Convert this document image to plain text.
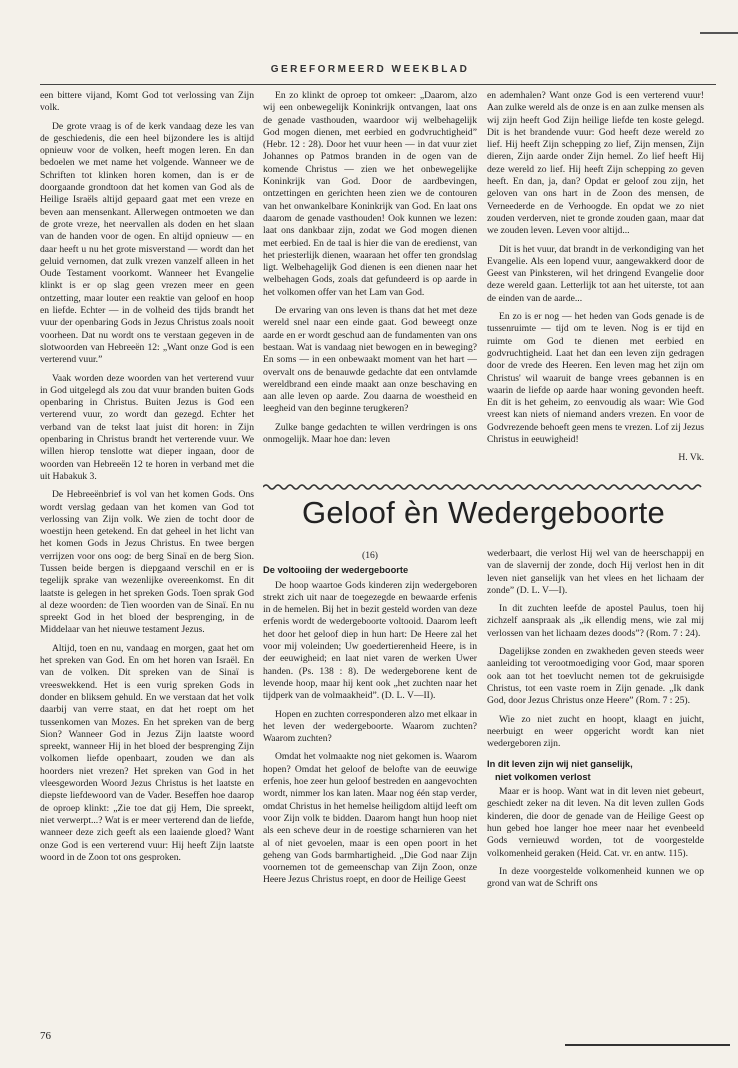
GEREFORMEERD WEEKBLAD

een bittere vijand, Komt God tot verlossing van Zijn volk.

De grote vraag is of de kerk vandaag deze les van de geschiedenis, die een heel bijzondere les is altijd opnieuw voor de volken, heeft mogen leren. En dan bedoelen we met name het volgende. Wanneer we de Schriften tot klinken horen komen, dan is er de doorgaande grondtoon dat het komen van God als de Heilige Israëls altijd gepaard gaat met een vreze en beven aan mensenkant. Allerwegen ontmoeten we dan de grote vreze, het neervallen als doden en het slaan van de handen voor de ogen. En altijd opnieuw — en daar heeft u nu het grote misverstand — wordt dan het geluid vernomen, dat zulk vrezen vanzelf alleen in het Oude Testament voorkomt. Wanneer het Evangelie klinkt is er op slag geen vrezen meer en geen ontzetting, maar louter een reaktie van geloof en hoop en liefde. Echter — in de volheid des tijds brandt het vuur der openbaring Gods in Jezus Christus zoals nooit voorheen. Dat nu wordt ons te verstaan gegeven in de slotwoorden van Hebreeën 12: „Want onze God is een verterend vuur.”

Vaak worden deze woorden van het verterend vuur in God uitgelegd als zou dat vuur branden buiten Gods openbaring in Christus. Buiten Jezus is God een verterend vuur, zo wordt dan gezegd. Echter het verband van de tekst laat juist dit horen: in Zijn openbaring in Christus brandt het verterende vuur. We willen hierop tenslotte wat dieper ingaan, door de woorden van Hebreeën 12 te horen in verband met die uit Habakuk 3.

De Hebreeënbrief is vol van het komen Gods. Ons wordt verslag gedaan van het komen van God tot verlossing van Zijn volk. We zien de tocht door de woestijn heen getekend. En dat geheel in het licht van het komen Gods in Jezus Christus. En twee bergen verrijzen voor ons oog: de berg Sinaï en de berg Sion. Tussen beide bergen is diepgaand verschil en er is tegelijk sprake van wezenlijke overeenkomst. En dit laatste is gelegen in het spreken Gods. Toen sprak God al deze woorden: de Tien woorden van de Sinaï. En nu spreekt God in het bloed der besprenging, in de Middelaar van het nieuwe testament Jezus.

Altijd, toen en nu, vandaag en morgen, gaat het om het spreken van God. En om het horen van Israël. En van de volken. Dit spreken van de Sinaï is vreeswekkend. Het is een vurig spreken Gods in donder en bliksem gehuld. En we verstaan dat het volk daarbij van verre staat, en dat het roept om het tussenkomen van Mozes. En het spreken van de berg Sion? Wanneer God in Jezus Zijn laatste woord spreekt, wanneer Hij in het bloed der besprenging Zijn volkomen liefde openbaart, zouden we dan als hoorders niet vrezen? Het spreken van God in het vleesgeworden Woord Jezus Christus is het laatste en diepste liefdewoord van de Vader. Beseffen hoe daarop de oproep klinkt: „Zie toe dat gij Hem, Die spreekt, niet verwerpt...? Wat is er meer verterend dan de liefde, wanneer deze zich geeft als een laaiende gloed? Want onze God is een verterend vuur: Hij heeft Zijn laatste woord in de Zoon tot ons gesproken.

En zo klinkt de oproep tot omkeer: „Daarom, alzo wij een onbewegelijk Koninkrijk ontvangen, laat ons de genade vasthouden, waardoor wij welbehagelijk God mogen dienen, met eerbied en godvruchtigheid” (Hebr. 12 : 28). Door het vuur heen — in dat vuur ziet Johannes op Patmos branden in de ogen van de komende Christus — zien we het onbewegelijke Koninkrijk van God. Door de aardbevingen, ontzettingen en gerichten heen zien we de contouren van het onwankelbare Koninkrijk van God. En laat ons daarom de genade vasthouden! Ook kunnen we lezen: laat ons dankbaar zijn, zodat we God mogen dienen met eerbied. En de taal is hier die van de eredienst, van het priesterlijk dienen, waaraan het offer ten grondslag ligt. Welbehagelijk God dienen is een dienen naar het welbehagen Gods, zoals dat gefundeerd is op aarde in het volkomen offer van het Lam van God.

De ervaring van ons leven is thans dat het met deze wereld snel naar een einde gaat. God beweegt onze aarde en er wordt geschud aan de fundamenten van ons bestaan. Wat is vandaag niet bewogen en in beweging? En soms — in een onbewaakt moment van het hart — overvalt ons de benauwde gedachte dat een ontvlamde wereldbrand een einde maakt aan onze beschaving en aan alle leven op aarde. Zou daarna de woestheid en leegheid van den beginne terugkeren?

Zulke bange gedachten te willen verdringen is ons onmogelijk. Maar hoe dan: leven

en ademhalen? Want onze God is een verterend vuur! Aan zulke wereld als de onze is en aan zulke mensen als wij zijn heeft God Zijn heilige liefde ten koste gelegd. Dit is het brandende vuur: God heeft deze wereld zo lief. Hij heeft Zijn schepping zo lief, Zijn mensen, Zijn dieren, Zijn aarde onder Zijn hemel. Zo lief heeft Hij deze wereld zo lief. Hij heeft Zijn schepping zo geven heeft. En dan, ja, dan? Opdat er geloof zou zijn, het geloven van ons hart in de Zoon des mensen, de Verneederde en de Verhoogde. En opdat we zo niet zouden verderven, niet te gronde zouden gaan, maar dat we zouden leven. Leven voor altijd...

Dit is het vuur, dat brandt in de verkondiging van het Evangelie. Als een lopend vuur, aangewakkerd door de Geest van Pinksteren, wil het dringend Evangelie door deze wereld gaan. Letterlijk tot aan het uiterste, tot aan de einden van de aarde...

En zo is er nog — het heden van Gods genade is de tussenruimte — tijd om te leven. Nog is er tijd en ruimte om God te dienen met eerbied en godvruchtigheid. Laat het dan een leven zijn gedragen door de vrede des Heeren. Een leven mag het zijn om Christus' wil waaruit de bange vrees gebannen is en waarin de liefde op aarde haar woning gevonden heeft. En dit is het geheim, zo eenvoudig als waar: Wie God vreest kan niets of niemand anders vrezen. En voor de Godvrezende behoeft geen mens te vrezen. Lof zij Jezus Christus in eeuwigheid!

H. Vk.

Geloof èn Wedergeboorte

(16)

De voltooiing der wedergeboorte

De hoop waartoe Gods kinderen zijn wedergeboren strekt zich uit naar de toegezegde en bewaarde erfenis in de hemelen. Bij het in bezit gesteld worden van deze erfenis wordt de wedergeboorte voltooid. Daarom leeft het door het geloof diep in hun hart: De Heere zal het voor mij voleinden; Uw goedertierenheid Heere, is in der eeuwigheid; en laat niet varen de werken Uwer handen. (Ps. 138 : 8). De wedergeborene kent de levende hoop, maar hij kent ook „het zuchten naar het tijdperk van de volmaakheid”. (D. L. V—II).

Hopen en zuchten corresponderen alzo met elkaar in het leven der wedergeboorte. Waarom zuchten? Waarom zuchten?

Omdat het volmaakte nog niet gekomen is. Waarom hopen? Omdat het geloof de belofte van de eeuwige erfenis, hoe zeer hun geloof bestreden en aangevochten wordt, nimmer los kan laten. Maar nog één stap verder, omdat Christus in het hemelse heiligdom altijd leeft om voor Zijn volk te bidden. Daarom hangt hun hoop niet als een scheve deur in de roestige scharnieren van het al of niet gevoelen, maar is een open poort in het geheng van Gods barmhartigheid. „Die God naar Zijn voornemen tot de gemeenschap van Zijn Zoon, onze Heere Jezus Christus roept, en door de Heilige Geest

wederbaart, die verlost Hij wel van de heerschappij en van de slavernij der zonde, doch Hij verlost hen in dit leven niet ganselijk van het vlees en het lichaam der zonde” (D. L. V—I).

In dit zuchten leefde de apostel Paulus, toen hij zichzelf aanspraak als „ik ellendig mens, wie zal mij verlossen van het lichaam dezes doods”? (Rom. 7 : 24).

Dagelijkse zonden en zwakheden geven steeds weer aanleiding tot verootmoediging voor God, maar sporen ook aan tot het toevlucht nemen tot de gekruisigde Christus, tot een vaste roem in Zijn genade. „Ik dank God, door Jezus Christus onze Heere” (Rom. 7 : 25).

Wie zo niet zucht en hoopt, klaagt en juicht, neerbuigt en weer opgericht wordt kan niet wedergeboren zijn.

In dit leven zijn wij niet ganselijk,

niet volkomen verlost

Maar er is hoop. Want wat in dit leven niet gebeurt, geschiedt zeker na dit leven. Na dit leven zullen Gods kinderen, die door de genade van de Heilige Geest op hun gebed hoe langer hoe meer naar het evenbeeld Gods vernieuwd worden, tot de voorgestelde volkomenheid geraken (Heid. Cat. vr. en antw. 115).

In deze voorgestelde volkomenheid kunnen we op grond van wat de Schrift ons

76
